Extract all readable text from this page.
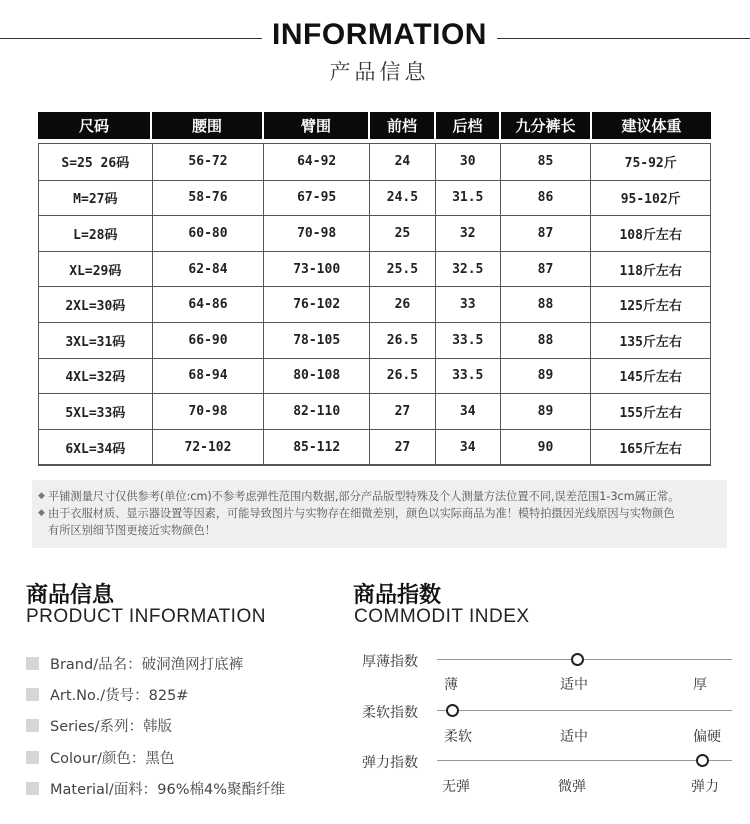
INFORMATION
产品信息
尺码	腰围	臂围	前档	后档	九分裤长	建议体重
S=25 26码	56-72	64-92	24	30	85	75-92斤
M=27码	58-76	67-95	24.5	31.5	86	95-102斤
L=28码	60-80	70-98	25	32	87	108斤左右
XL=29码	62-84	73-100	25.5	32.5	87	118斤左右
2XL=30码	64-86	76-102	26	33	88	125斤左右
3XL=31码	66-90	78-105	26.5	33.5	88	135斤左右
4XL=32码	68-94	80-108	26.5	33.5	89	145斤左右
5XL=33码	70-98	82-110	27	34	89	155斤左右
6XL=34码	72-102	85-112	27	34	90	165斤左右
◆ 平铺测量尺寸仅供参考(单位:cm)不参考虑弹性范围内数据,部分产品版型特殊及个人测量方法位置不同,误差范围1-3cm属正常。
◆ 由于衣服材质、显示器设置等因素，可能导致图片与实物存在细微差别，颜色以实际商品为准！模特拍摄因光线原因与实物颜色
有所区别细节图更接近实物颜色！
商品信息
PRODUCT INFORMATION
Brand/品名：破洞渔网打底裤
Art.No./货号：825#
Series/系列：韩版
Colour/颜色：黑色
Material/面料：96%棉4%聚酯纤维
商品指数
COMMODIT INDEX
厚薄指数
薄	适中	厚
柔软指数
柔软	适中	偏硬
弹力指数
无弹	微弹	弹力
